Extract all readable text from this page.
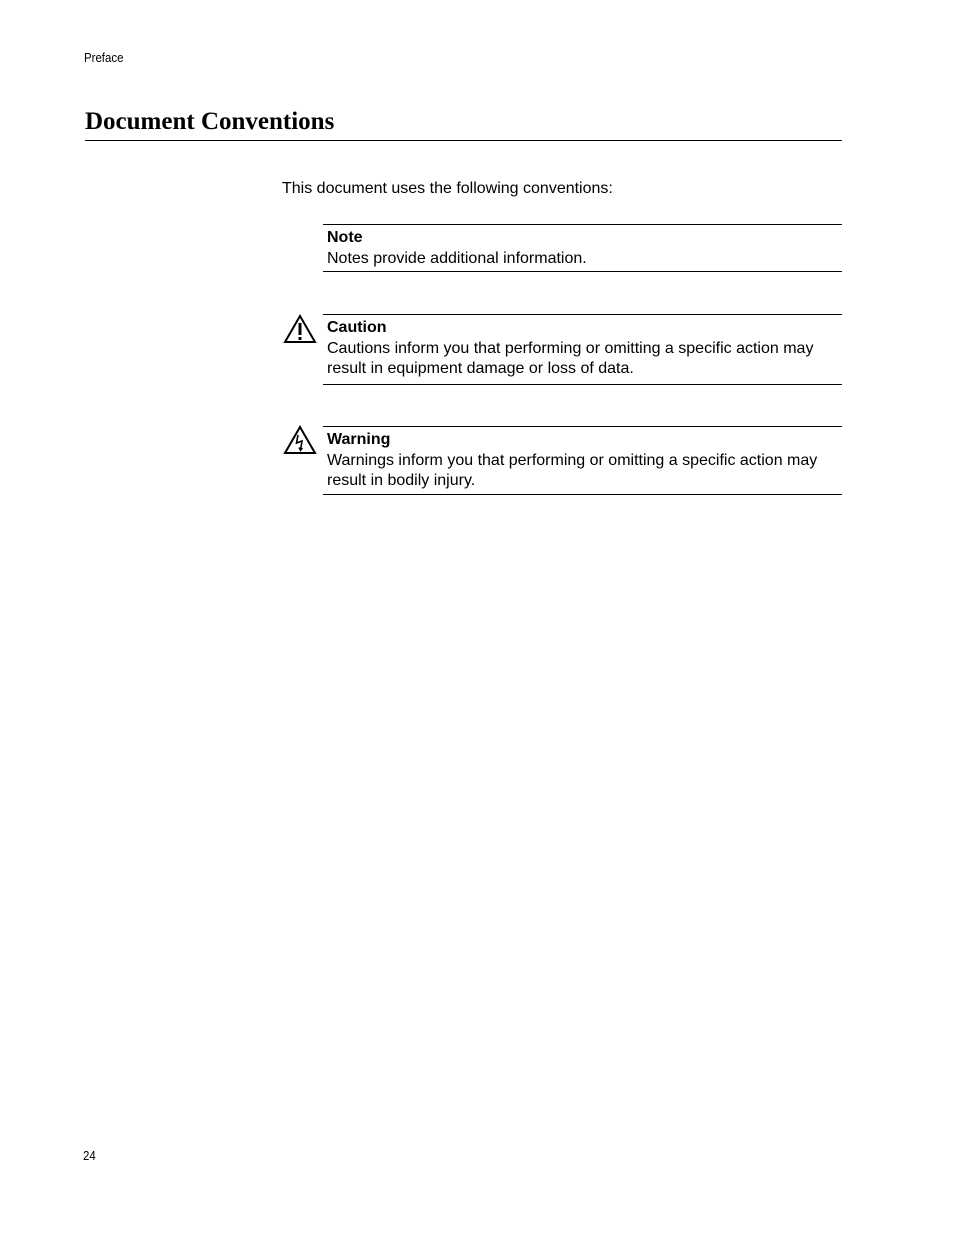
Preface
Document Conventions

This document uses the following conventions:

Note
Notes provide additional information.
Caution
Cautions inform you that performing or omitting a specific action may result in equipment damage or loss of data.
Warning
Warnings inform you that performing or omitting a specific action may result in bodily injury.
24
